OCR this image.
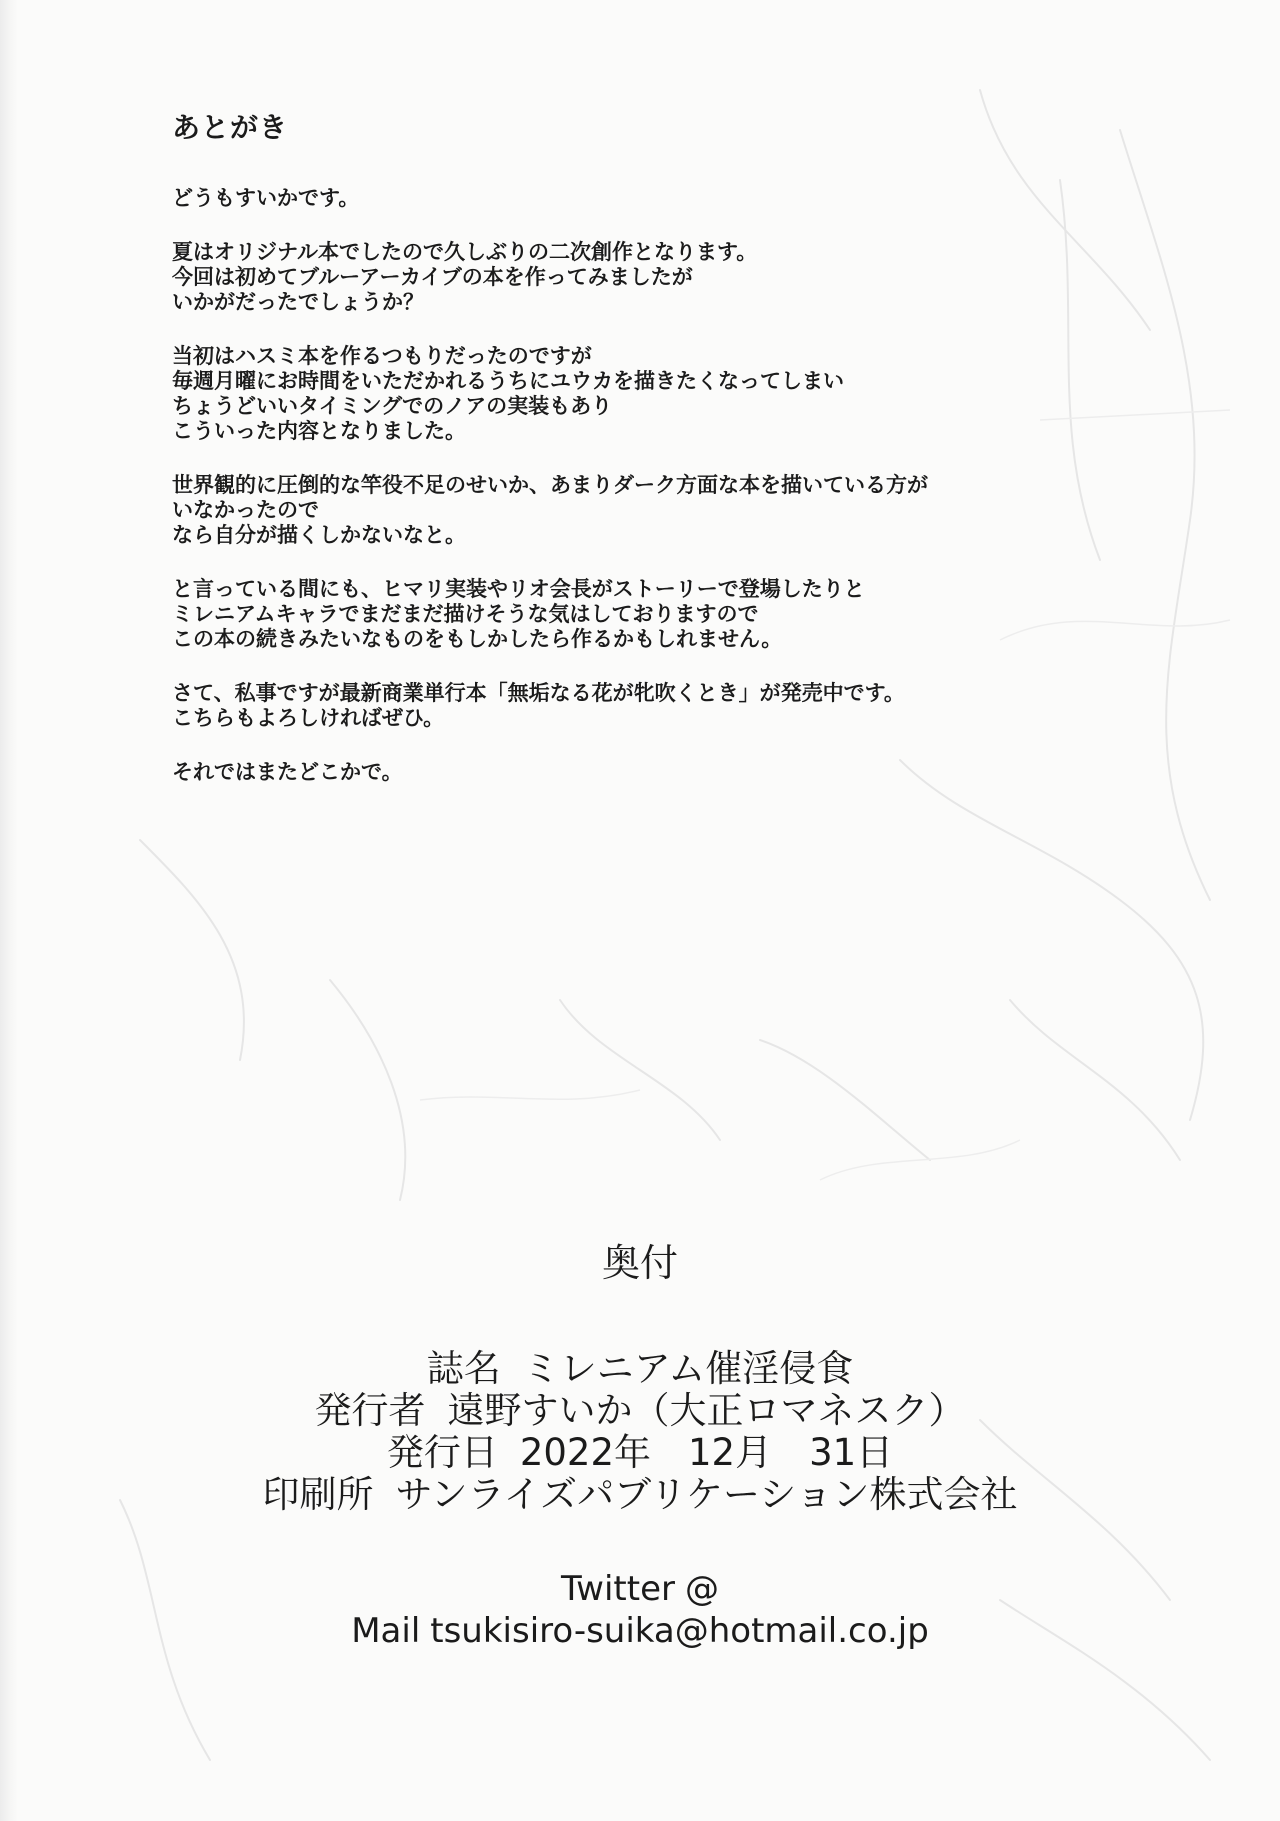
あとがき
どうもすいかです。
夏はオリジナル本でしたので久しぶりの二次創作となります。
今回は初めてブルーアーカイブの本を作ってみましたが
いかがだったでしょうか？
当初はハスミ本を作るつもりだったのですが
毎週月曜にお時間をいただかれるうちにユウカを描きたくなってしまい
ちょうどいいタイミングでのノアの実装もあり
こういった内容となりました。
世界観的に圧倒的な竿役不足のせいか、あまりダーク方面な本を描いている方が
いなかったので
なら自分が描くしかないなと。
と言っている間にも、ヒマリ実装やリオ会長がストーリーで登場したりと
ミレニアムキャラでまだまだ描けそうな気はしておりますので
この本の続きみたいなものをもしかしたら作るかもしれません。
さて、私事ですが最新商業単行本「無垢なる花が牝吹くとき」が発売中です。
こちらもよろしければぜひ。
それではまたどこかで。
奥付
誌名 ミレニアム催淫侵食
発行者 遠野すいか（大正ロマネスク）
発行日 2022年　12月　31日
印刷所 サンライズパブリケーション株式会社
Twitter @
Mail tsukisiro-suika@hotmail.co.jp
